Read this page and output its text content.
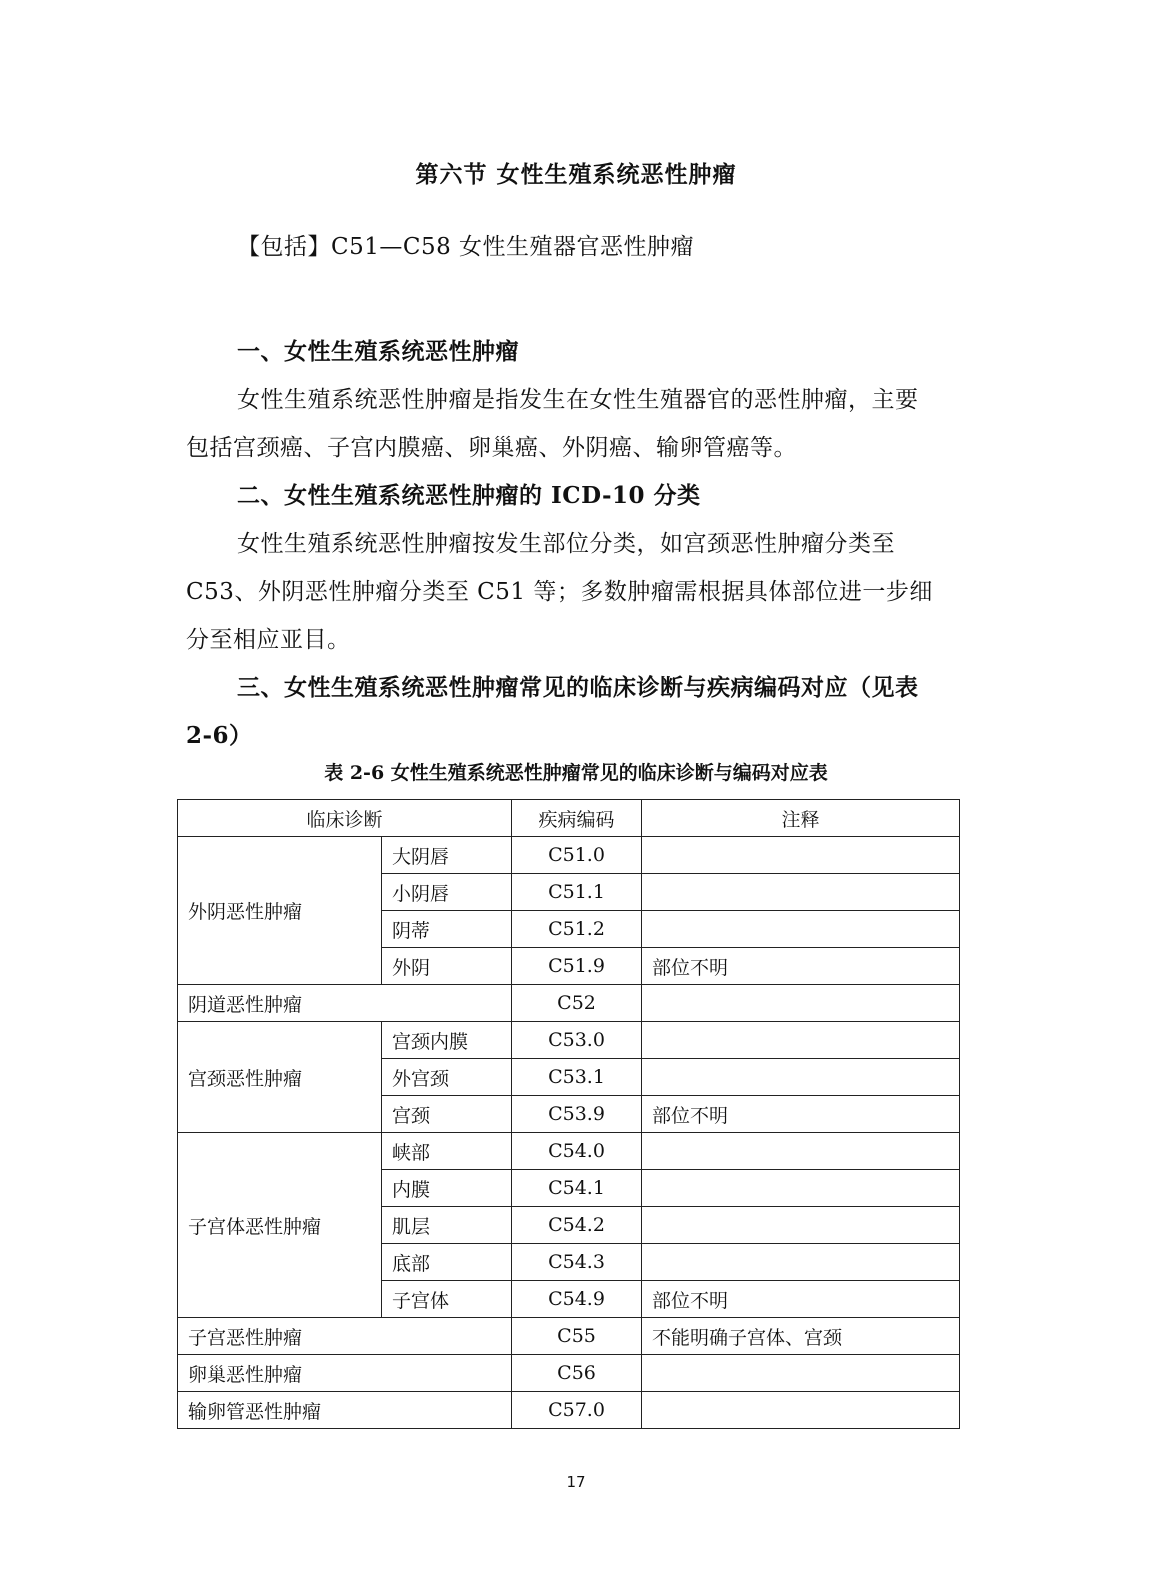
第六节 女性生殖系统恶性肿瘤
【包括】C51—C58 女性生殖器官恶性肿瘤
一、女性生殖系统恶性肿瘤
女性生殖系统恶性肿瘤是指发生在女性生殖器官的恶性肿瘤，主要
包括宫颈癌、子宫内膜癌、卵巢癌、外阴癌、输卵管癌等。
二、女性生殖系统恶性肿瘤的 ICD-10 分类
女性生殖系统恶性肿瘤按发生部位分类，如宫颈恶性肿瘤分类至
C53、外阴恶性肿瘤分类至 C51 等；多数肿瘤需根据具体部位进一步细
分至相应亚目。
三、女性生殖系统恶性肿瘤常见的临床诊断与疾病编码对应（见表
2-6）
表 2-6 女性生殖系统恶性肿瘤常见的临床诊断与编码对应表
临床诊断		疾病编码	注释
外阴恶性肿瘤	大阴唇	C51.0	
	小阴唇	C51.1	
	阴蒂	C51.2	
	外阴	C51.9	部位不明
阴道恶性肿瘤		C52	
宫颈恶性肿瘤	宫颈内膜	C53.0	
	外宫颈	C53.1	
	宫颈	C53.9	部位不明
子宫体恶性肿瘤	峡部	C54.0	
	内膜	C54.1	
	肌层	C54.2	
	底部	C54.3	
	子宫体	C54.9	部位不明
子宫恶性肿瘤		C55	不能明确子宫体、宫颈
卵巢恶性肿瘤		C56	
输卵管恶性肿瘤		C57.0	
17
